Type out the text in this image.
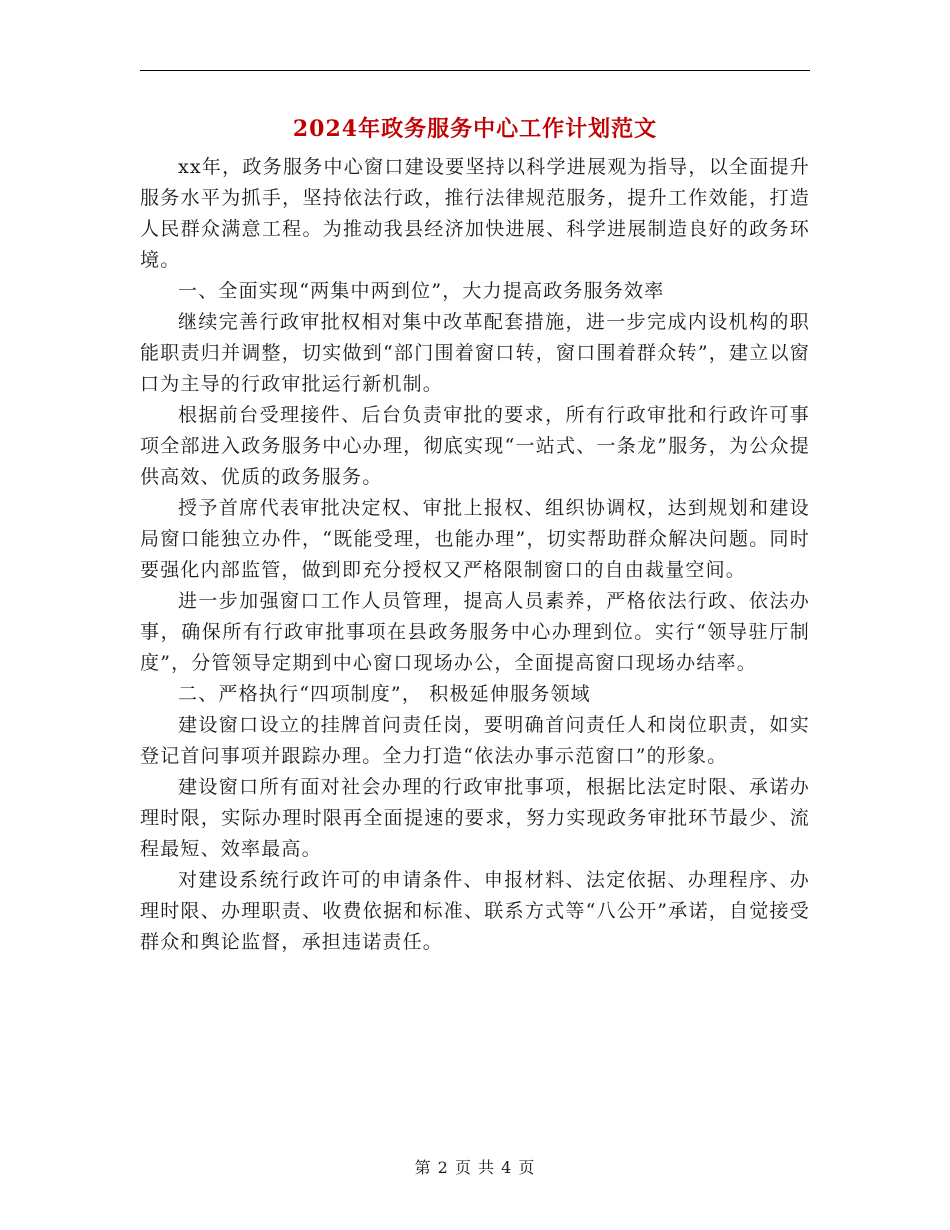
2024年政务服务中心工作计划范文

xx年，政务服务中心窗口建设要坚持以科学进展观为指导，以全面提升服务水平为抓手，坚持依法行政，推行法律规范服务，提升工作效能，打造人民群众满意工程。为推动我县经济加快进展、科学进展制造良好的政务环境。

一、全面实现“两集中两到位”，大力提高政务服务效率

继续完善行政审批权相对集中改革配套措施，进一步完成内设机构的职能职责归并调整，切实做到“部门围着窗口转，窗口围着群众转”，建立以窗口为主导的行政审批运行新机制。

根据前台受理接件、后台负责审批的要求，所有行政审批和行政许可事项全部进入政务服务中心办理，彻底实现“一站式、一条龙”服务，为公众提供高效、优质的政务服务。

授予首席代表审批决定权、审批上报权、组织协调权，达到规划和建设局窗口能独立办件，“既能受理，也能办理”，切实帮助群众解决问题。同时要强化内部监管，做到即充分授权又严格限制窗口的自由裁量空间。

进一步加强窗口工作人员管理，提高人员素养，严格依法行政、依法办事，确保所有行政审批事项在县政务服务中心办理到位。实行“领导驻厅制度”，分管领导定期到中心窗口现场办公，全面提高窗口现场办结率。

二、严格执行“四项制度”， 积极延伸服务领域

建设窗口设立的挂牌首问责任岗，要明确首问责任人和岗位职责，如实登记首问事项并跟踪办理。全力打造“依法办事示范窗口”的形象。

建设窗口所有面对社会办理的行政审批事项，根据比法定时限、承诺办理时限，实际办理时限再全面提速的要求，努力实现政务审批环节最少、流程最短、效率最高。

对建设系统行政许可的申请条件、申报材料、法定依据、办理程序、办理时限、办理职责、收费依据和标准、联系方式等“八公开”承诺，自觉接受群众和舆论监督，承担违诺责任。

第 2 页 共 4 页
